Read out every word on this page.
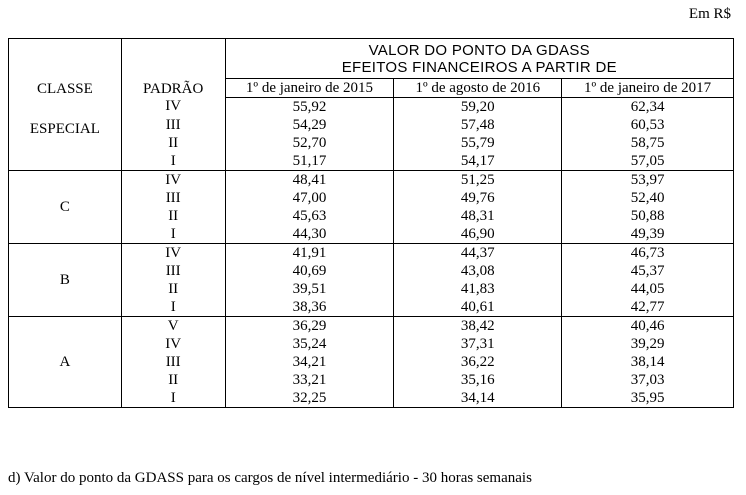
Em R$
CLASSE	PADRÃO	VALOR DO PONTO DA GDASS
EFEITOS FINANCEIROS A PARTIR DE		

		1º de janeiro de 2015	1º de agosto de 2016	1º de janeiro de 2017
ESPECIAL	IV	55,92	59,20	62,34
	III	54,29	57,48	60,53
	II	52,70	55,79	58,75
	I	51,17	54,17	57,05
C	IV	48,41	51,25	53,97
	III	47,00	49,76	52,40
	II	45,63	48,31	50,88
	I	44,30	46,90	49,39
B	IV	41,91	44,37	46,73
	III	40,69	43,08	45,37
	II	39,51	41,83	44,05
	I	38,36	40,61	42,77
A	V	36,29	38,42	40,46
	IV	35,24	37,31	39,29
	III	34,21	36,22	38,14
	II	33,21	35,16	37,03
	I	32,25	34,14	35,95
d) Valor do ponto da GDASS para os cargos de nível intermediário - 30 horas semanais
